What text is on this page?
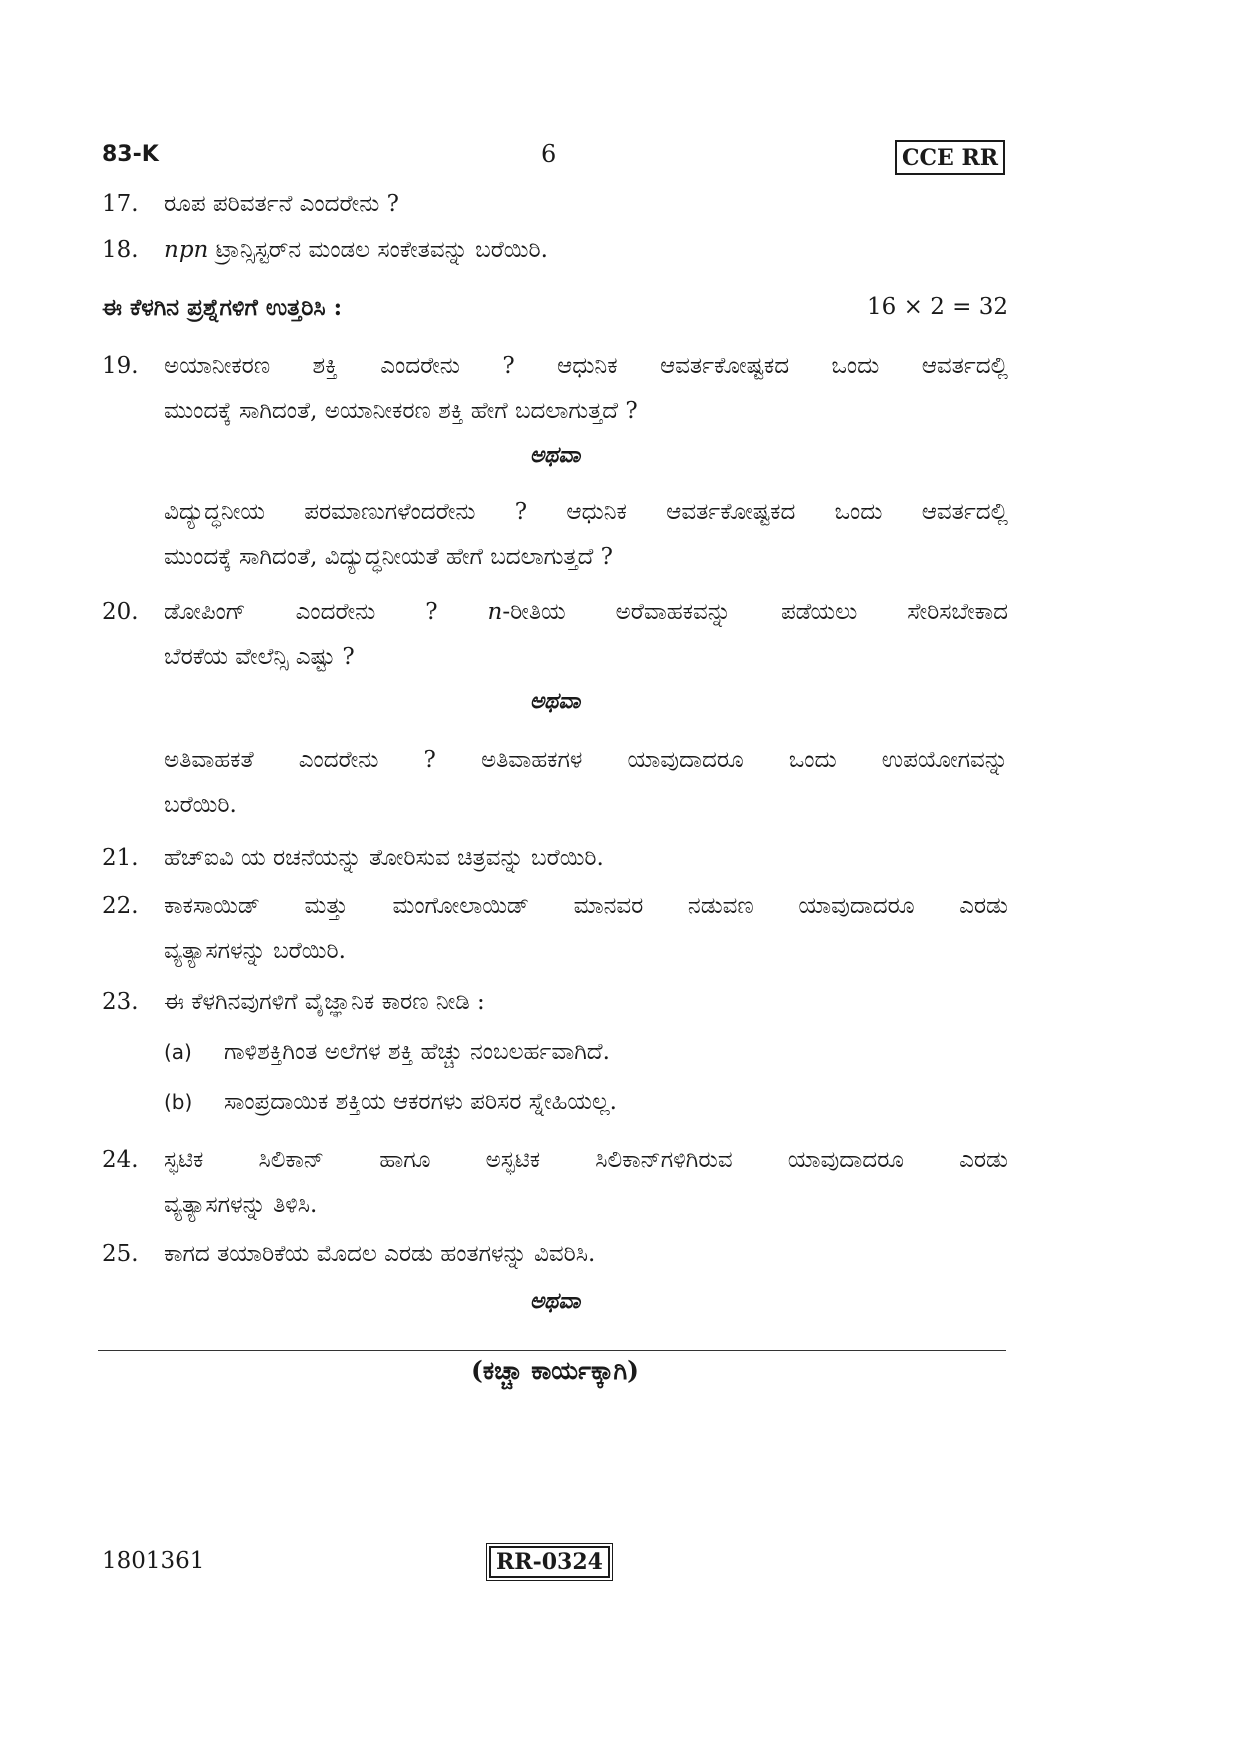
83-K	6	CCE RR
17.	ರೂಪ ಪರಿವರ್ತನೆ ಎಂದರೇನು ?
18.	npn ಟ್ರಾನ್ಸಿಸ್ಟರ್‌ನ ಮಂಡಲ ಸಂಕೇತವನ್ನು ಬರೆಯಿರಿ.
ಈ ಕೆಳಗಿನ ಪ್ರಶ್ನೆಗಳಿಗೆ ಉತ್ತರಿಸಿ :	16 × 2 = 32
19.	ಅಯಾನೀಕರಣ ಶಕ್ತಿ ಎಂದರೇನು ? ಆಧುನಿಕ ಆವರ್ತಕೋಷ್ಟಕದ ಒಂದು ಆವರ್ತದಲ್ಲಿ
ಮುಂದಕ್ಕೆ ಸಾಗಿದಂತೆ, ಅಯಾನೀಕರಣ ಶಕ್ತಿ ಹೇಗೆ ಬದಲಾಗುತ್ತದೆ ?
ಅಥವಾ
ವಿದ್ಯುದ್ಧನೀಯ ಪರಮಾಣುಗಳೆಂದರೇನು ? ಆಧುನಿಕ ಆವರ್ತಕೋಷ್ಟಕದ ಒಂದು ಆವರ್ತದಲ್ಲಿ
ಮುಂದಕ್ಕೆ ಸಾಗಿದಂತೆ, ವಿದ್ಯುದ್ಧನೀಯತೆ ಹೇಗೆ ಬದಲಾಗುತ್ತದೆ ?
20.	ಡೋಪಿಂಗ್ ಎಂದರೇನು ? n-ರೀತಿಯ ಅರೆವಾಹಕವನ್ನು ಪಡೆಯಲು ಸೇರಿಸಬೇಕಾದ
ಬೆರಕೆಯ ವೇಲೆನ್ಸಿ ಎಷ್ಟು ?
ಅಥವಾ
ಅತಿವಾಹಕತೆ ಎಂದರೇನು ? ಅತಿವಾಹಕಗಳ ಯಾವುದಾದರೂ ಒಂದು ಉಪಯೋಗವನ್ನು
ಬರೆಯಿರಿ.
21.	ಹೆಚ್‌ಐವಿ ಯ ರಚನೆಯನ್ನು ತೋರಿಸುವ ಚಿತ್ರವನ್ನು ಬರೆಯಿರಿ.
22.	ಕಾಕಸಾಯಿಡ್ ಮತ್ತು ಮಂಗೋಲಾಯಿಡ್ ಮಾನವರ ನಡುವಣ ಯಾವುದಾದರೂ ಎರಡು
ವ್ಯತ್ಯಾಸಗಳನ್ನು ಬರೆಯಿರಿ.
23.	ಈ ಕೆಳಗಿನವುಗಳಿಗೆ ವೈಜ್ಞಾನಿಕ ಕಾರಣ ನೀಡಿ :
(a) ಗಾಳಿಶಕ್ತಿಗಿಂತ ಅಲೆಗಳ ಶಕ್ತಿ ಹೆಚ್ಚು ನಂಬಲರ್ಹವಾಗಿದೆ.
(b) ಸಾಂಪ್ರದಾಯಿಕ ಶಕ್ತಿಯ ಆಕರಗಳು ಪರಿಸರ ಸ್ನೇಹಿಯಲ್ಲ.
24.	ಸ್ಫಟಿಕ ಸಿಲಿಕಾನ್ ಹಾಗೂ ಅಸ್ಫಟಿಕ ಸಿಲಿಕಾನ್‌ಗಳಿಗಿರುವ ಯಾವುದಾದರೂ ಎರಡು
ವ್ಯತ್ಯಾಸಗಳನ್ನು ತಿಳಿಸಿ.
25.	ಕಾಗದ ತಯಾರಿಕೆಯ ಮೊದಲ ಎರಡು ಹಂತಗಳನ್ನು ವಿವರಿಸಿ.
ಅಥವಾ
(ಕಚ್ಚಾ ಕಾರ್ಯಕ್ಕಾಗಿ)
1801361	RR-0324
